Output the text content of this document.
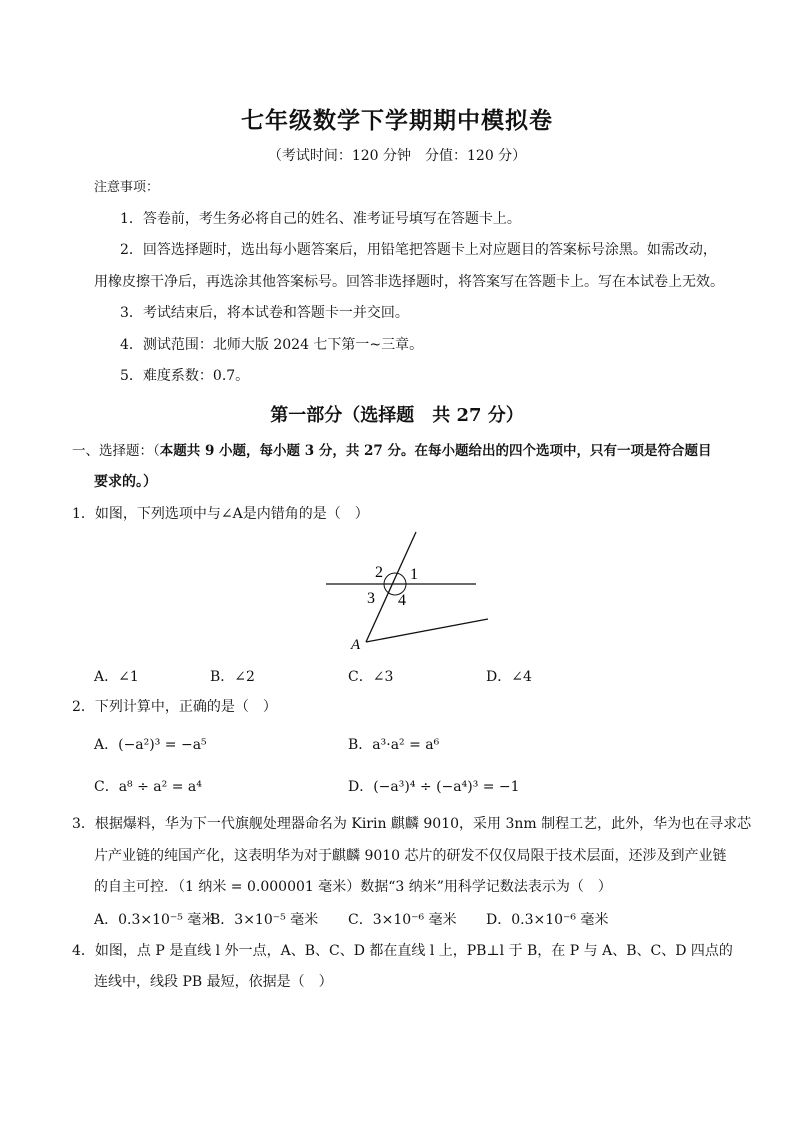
七年级数学下学期期中模拟卷
（考试时间：120 分钟　分值：120 分）
注意事项：
1．答卷前，考生务必将自己的姓名、准考证号填写在答题卡上。
2．回答选择题时，选出每小题答案后，用铅笔把答题卡上对应题目的答案标号涂黑。如需改动，
用橡皮擦干净后，再选涂其他答案标号。回答非选择题时，将答案写在答题卡上。写在本试卷上无效。
3．考试结束后，将本试卷和答题卡一并交回。
4．测试范围：北师大版 2024 七下第一~三章。
5．难度系数：0.7。
第一部分（选择题　共 27 分）
一、选择题：（本题共 9 小题，每小题 3 分，共 27 分。在每小题给出的四个选项中，只有一项是符合题目
要求的。）
1．如图，下列选项中与∠A是内错角的是（　）
2 1
3 4
A
A．∠1	B．∠2	C．∠3	D．∠4
2．下列计算中，正确的是（　）
A．(−a²)³ = −a⁵	B．a³·a² = a⁶
C．a⁸ ÷ a² = a⁴	D．(−a³)⁴ ÷ (−a⁴)³ = −1
3．根据爆料，华为下一代旗舰处理器命名为 Kirin 麒麟 9010，采用 3nm 制程工艺，此外，华为也在寻求芯
片产业链的纯国产化，这表明华为对于麒麟 9010 芯片的研发不仅仅局限于技术层面，还涉及到产业链
的自主可控．（1 纳米 = 0.000001 毫米）数据“3 纳米”用科学记数法表示为（　）
A．0.3×10⁻⁵ 毫米
B．3×10⁻⁵ 毫米 C．3×10⁻⁶ 毫米 D．0.3×10⁻⁶ 毫米
4．如图，点 P 是直线 l 外一点，A、B、C、D 都在直线 l 上，PB⊥l 于 B，在 P 与 A、B、C、D 四点的
连线中，线段 PB 最短，依据是（　）
